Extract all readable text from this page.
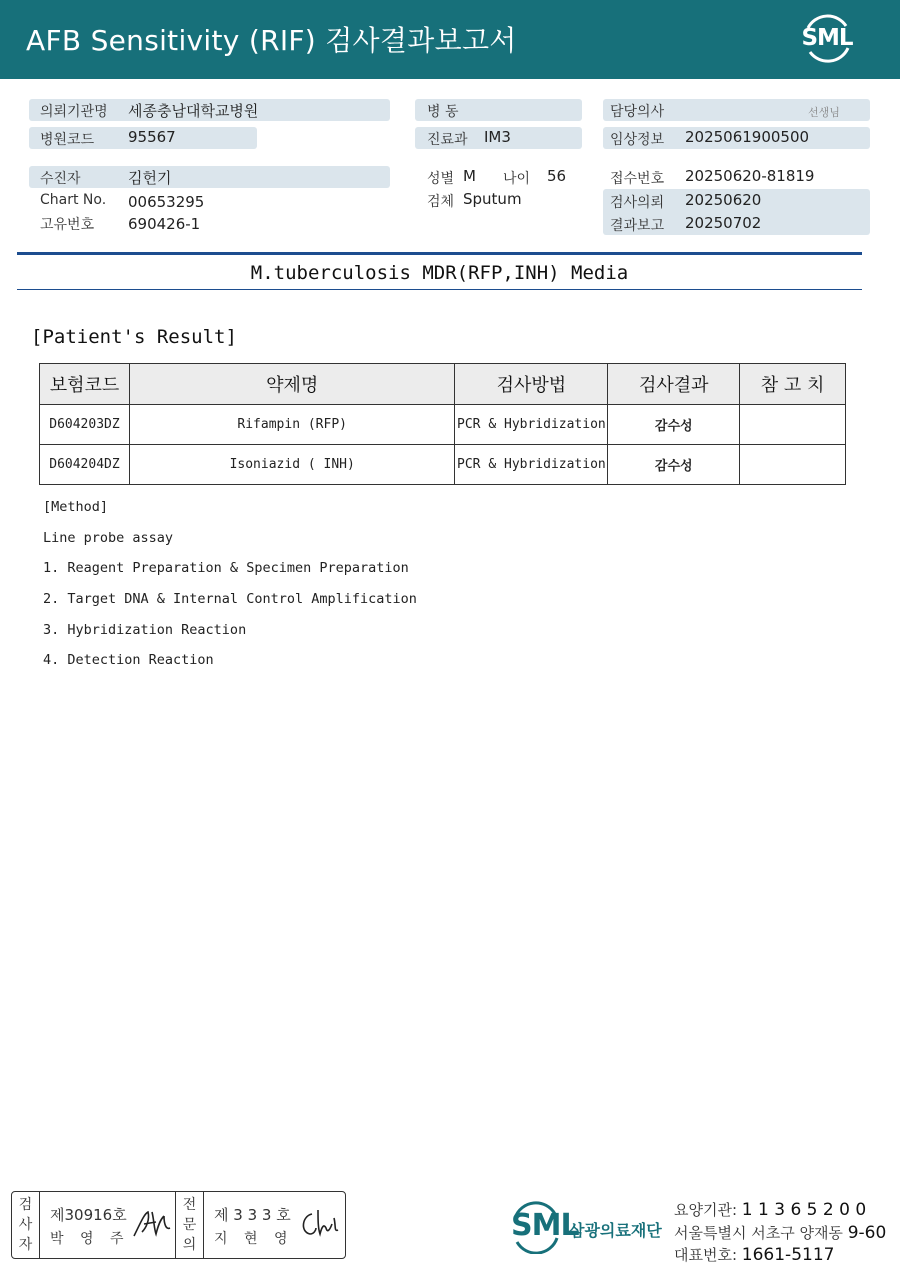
AFB Sensitivity (RIF) 검사결과보고서	SML
의뢰기관명 세종충남대학교병원
병원코드 95567
수진자	김헌기
Chart No. 00653295
고유번호 690426-1
병 동
진료과 IM3
성별 M 나이 56
검체 Sputum
담당의사	선생님
임상정보 2025061900500
접수번호 20250620-81819
검사의뢰 20250620
결과보고 20250702
M.tuberculosis MDR(RFP,INH) Media
[Patient's Result]
보험코드	약제명	검사방법	검사결과	참 고 치
D604203DZ	Rifampin (RFP)	PCR & Hybridization	감수성	
D604204DZ	Isoniazid ( INH)	PCR & Hybridization	감수성	
[Method]
Line probe assay
1. Reagent Preparation & Specimen Preparation
2. Target DNA & Internal Control Amplification
3. Hybridization Reaction
4. Detection Reaction
검사자
제30916호
박 영 주
전문의
제 3 3 3 호
지 현 영	SML
삼광의료재단
요양기관: 1 1 3 6 5 2 0 0
서울특별시 서초구 양재동 9-60
대표번호: 1661-5117
